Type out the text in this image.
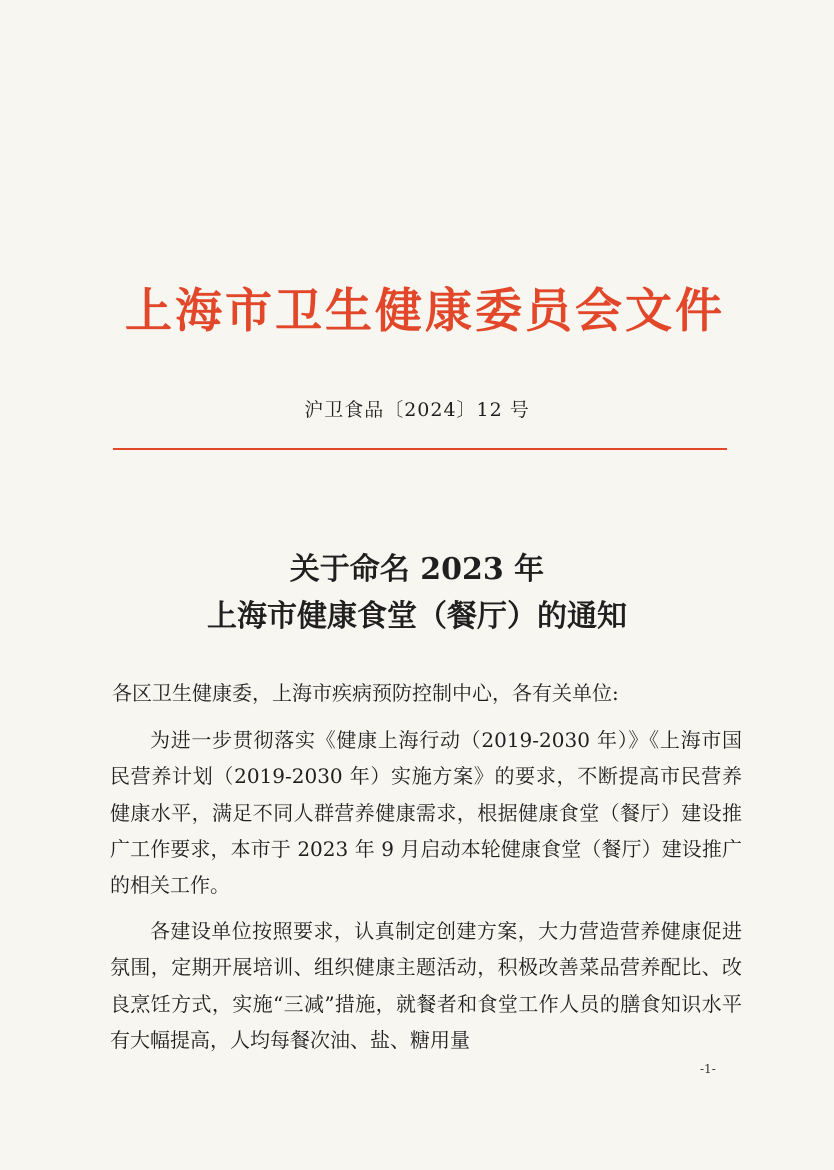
上海市卫生健康委员会文件
沪卫食品〔2024〕12 号
关于命名 2023 年
上海市健康食堂（餐厅）的通知
各区卫生健康委，上海市疾病预防控制中心，各有关单位:
为进一步贯彻落实《健康上海行动（2019-2030 年）》《上海市国民营养计划（2019-2030 年）实施方案》的要求，不断提高市民营养健康水平，满足不同人群营养健康需求，根据健康食堂（餐厅）建设推广工作要求，本市于 2023 年 9 月启动本轮健康食堂（餐厅）建设推广的相关工作。
各建设单位按照要求，认真制定创建方案，大力营造营养健康促进氛围，定期开展培训、组织健康主题活动，积极改善菜品营养配比、改良烹饪方式，实施“三减”措施，就餐者和食堂工作人员的膳食知识水平有大幅提高，人均每餐次油、盐、糖用量
-1-
